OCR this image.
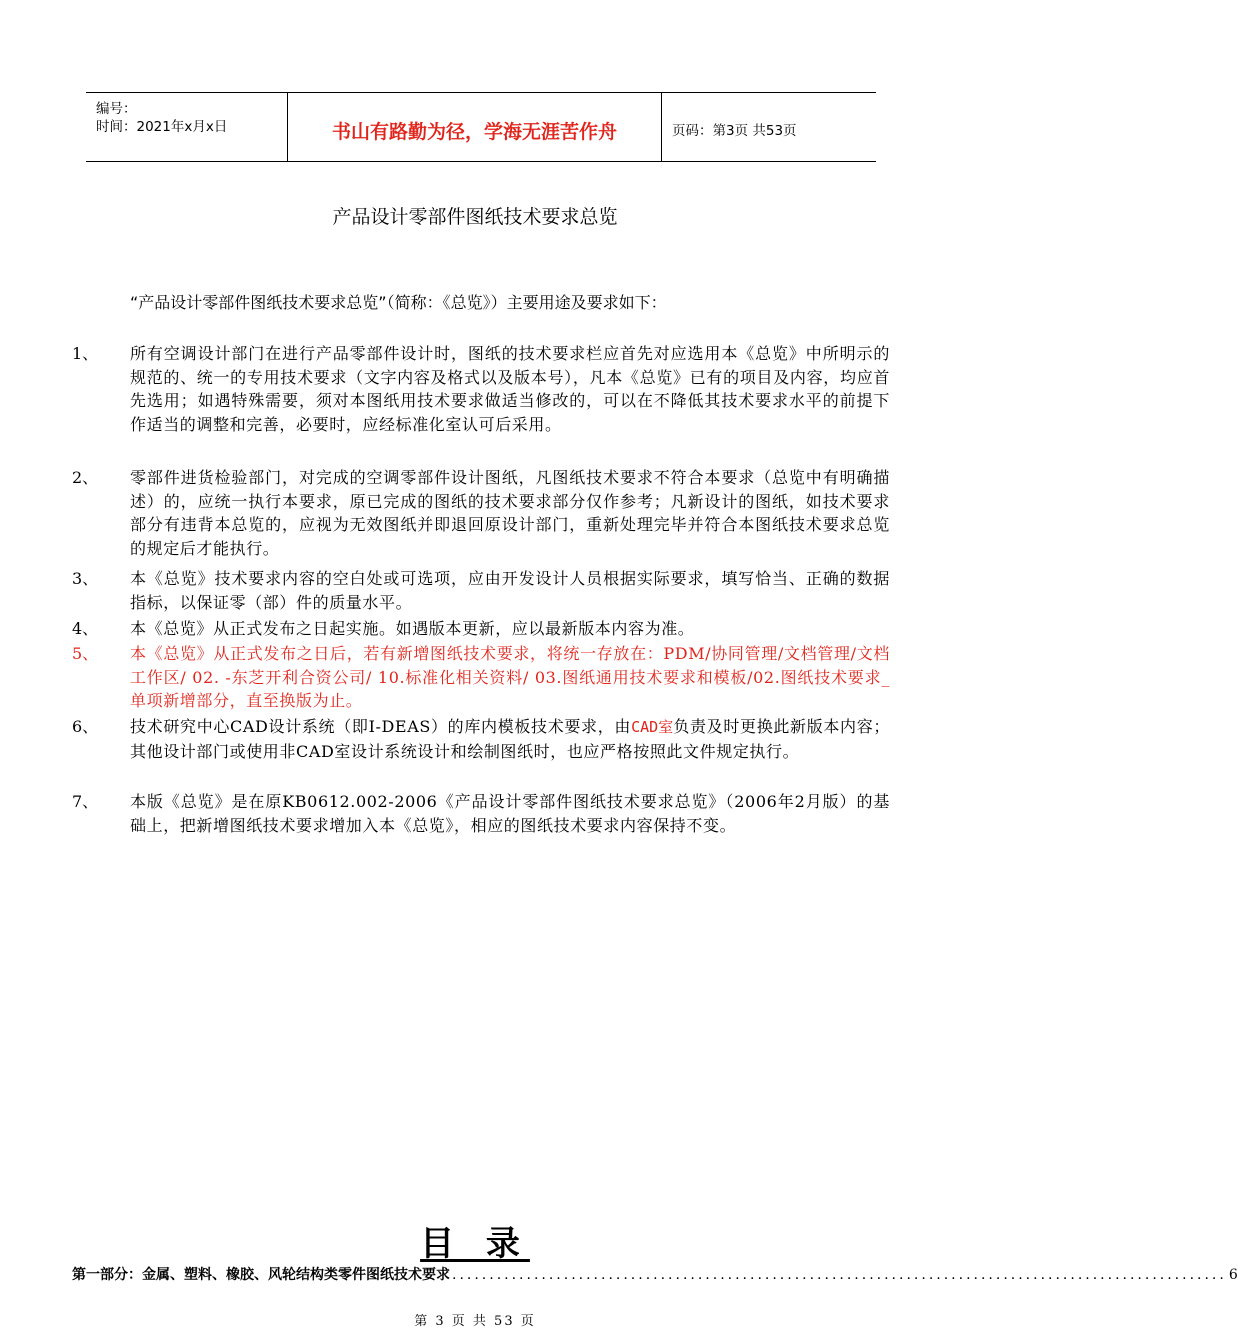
编号：
时间：2021年x月x日	书山有路勤为径，学海无涯苦作舟	页码：第3页 共53页
产品设计零部件图纸技术要求总览
“产品设计零部件图纸技术要求总览”（简称：《总览》）主要用途及要求如下：
1、 所有空调设计部门在进行产品零部件设计时，图纸的技术要求栏应首先对应选用本《总览》中所明示的规范的、统一的专用技术要求（文字内容及格式以及版本号），凡本《总览》已有的项目及内容，均应首先选用；如遇特殊需要，须对本图纸用技术要求做适当修改的，可以在不降低其技术要求水平的前提下作适当的调整和完善，必要时，应经标准化室认可后采用。
2、 零部件进货检验部门，对完成的空调零部件设计图纸，凡图纸技术要求不符合本要求（总览中有明确描述）的，应统一执行本要求，原已完成的图纸的技术要求部分仅作参考；凡新设计的图纸，如技术要求部分有违背本总览的，应视为无效图纸并即退回原设计部门，重新处理完毕并符合本图纸技术要求总览的规定后才能执行。
3、 本《总览》技术要求内容的空白处或可选项，应由开发设计人员根据实际要求，填写恰当、正确的数据指标，以保证零（部）件的质量水平。
4、 本《总览》从正式发布之日起实施。如遇版本更新，应以最新版本内容为准。
5、 本《总览》从正式发布之日后，若有新增图纸技术要求，将统一存放在：PDM/协同管理/文档管理/文档工作区/ 02. -东芝开利合资公司/ 10.标准化相关资料/ 03.图纸通用技术要求和模板/02.图纸技术要求_单项新增部分，直至换版为止。
6、 技术研究中心CAD设计系统（即I-DEAS）的库内模板技术要求，由CAD室负责及时更换此新版本内容；其他设计部门或使用非CAD室设计系统设计和绘制图纸时，也应严格按照此文件规定执行。
7、 本版《总览》是在原KB0612.002-2006《产品设计零部件图纸技术要求总览》（2006年2月版）的基础上，把新增图纸技术要求增加入本《总览》，相应的图纸技术要求内容保持不变。
目 录
第一部分：金属、塑料、橡胶、风轮结构类零件图纸技术要求 ........................................................................................................ 6
第 3 页 共 53 页
